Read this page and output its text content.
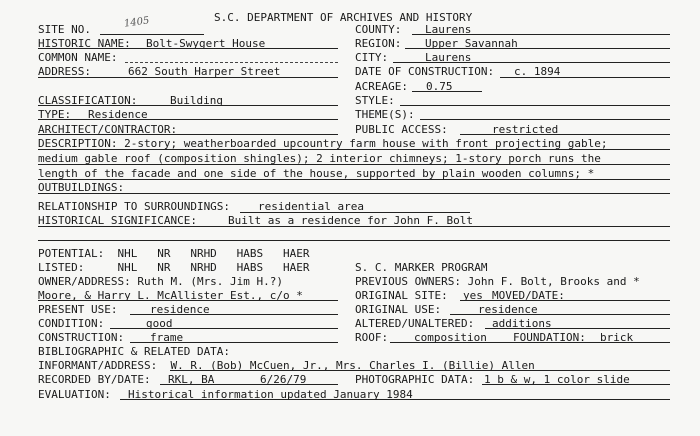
S.C. DEPARTMENT OF ARCHIVES AND HISTORY
SITE NO.	1405	COUNTY: Laurens
HISTORIC NAME: Bolt-Swygert House	REGION: Upper Savannah
COMMON NAME:	CITY:	Laurens
ADDRESS:	662 South Harper Street	DATE OF CONSTRUCTION: c. 1894
ACREAGE: 0.75
CLASSIFICATION:	Building	STYLE:
TYPE: Residence	THEME(S):
ARCHITECT/CONTRACTOR:	PUBLIC ACCESS:	restricted
DESCRIPTION: 2-story; weatherboarded upcountry farm house with front projecting gable;
medium gable roof (composition shingles); 2 interior chimneys; 1-story porch runs the
length of the facade and one side of the house, supported by plain wooden columns; *
OUTBUILDINGS:
RELATIONSHIP TO SURROUNDINGS:	residential area
HISTORICAL SIGNIFICANCE:	Built as a residence for John F. Bolt
POTENTIAL:  NHL   NR   NRHD   HABS   HAER
LISTED:     NHL   NR   NRHD   HABS   HAER	S. C. MARKER PROGRAM
OWNER/ADDRESS: Ruth M. (Mrs. Jim H.?)	PREVIOUS OWNERS: John F. Bolt, Brooks and *
Moore, & Harry L. McAllister Est., c/o *	ORIGINAL SITE: yes MOVED/DATE:
PRESENT USE:	residence	ORIGINAL USE:	residence
CONDITION:	good	ALTERED/UNALTERED: additions
CONSTRUCTION: frame	ROOF: composition FOUNDATION: brick
BIBLIOGRAPHIC & RELATED DATA:
INFORMANT/ADDRESS:  W. R. (Bob) McCuen, Jr., Mrs. Charles I. (Billie) Allen
RECORDED BY/DATE: RKL, BA	6/26/79	PHOTOGRAPHIC DATA: 1 b & w, 1 color slide
EVALUATION: Historical information updated January 1984
